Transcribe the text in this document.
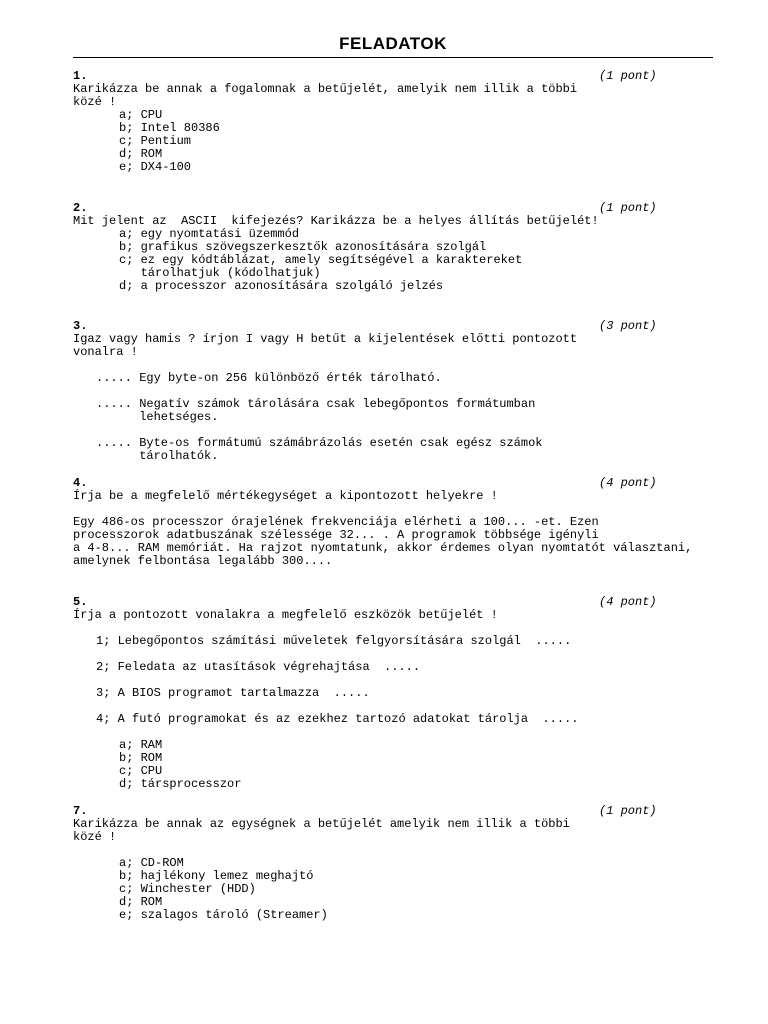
FELADATOK
1.	(1 pont)
Karikázza be annak a fogalomnak a betűjelét, amelyik nem illik a többi
közé !
a; CPU
b; Intel 80386
c; Pentium
d; ROM
e; DX4-100
2.	(1 pont)
Mit jelent az  ASCII  kifejezés? Karikázza be a helyes állítás betűjelét!
a; egy nyomtatási üzemmód
b; grafikus szövegszerkesztők azonosítására szolgál
c; ez egy kódtáblázat, amely segítségével a karaktereket
tárolhatjuk (kódolhatjuk)
d; a processzor azonosítására szolgáló jelzés
3.	(3 pont)
Igaz vagy hamis ? írjon I vagy H betűt a kijelentések előtti pontozott
vonalra !
..... Egy byte-on 256 különböző érték tárolható.
..... Negatív számok tárolására csak lebegőpontos formátumban
lehetséges.
..... Byte-os formátumú számábrázolás esetén csak egész számok
tárolhatók.
4.	(4 pont)
Írja be a megfelelő mértékegységet a kipontozott helyekre !
Egy 486-os processzor órajelének frekvenciája elérheti a 100... -et. Ezen
processzorok adatbuszának szélessége 32... . A programok többsége igényli
a 4-8... RAM memóriát. Ha rajzot nyomtatunk, akkor érdemes olyan nyomtatót választani,
amelynek felbontása legalább 300....
5.	(4 pont)
Írja a pontozott vonalakra a megfelelő eszközök betűjelét !
1; Lebegőpontos számítási műveletek felgyorsítására szolgál  .....
2; Feledata az utasítások végrehajtása  .....
3; A BIOS programot tartalmazza  .....
4; A futó programokat és az ezekhez tartozó adatokat tárolja  .....
a; RAM
b; ROM
c; CPU
d; társprocesszor
7.	(1 pont)
Karikázza be annak az egységnek a betűjelét amelyik nem illik a többi
közé !
a; CD-ROM
b; hajlékony lemez meghajtó
c; Winchester (HDD)
d; ROM
e; szalagos tároló (Streamer)
